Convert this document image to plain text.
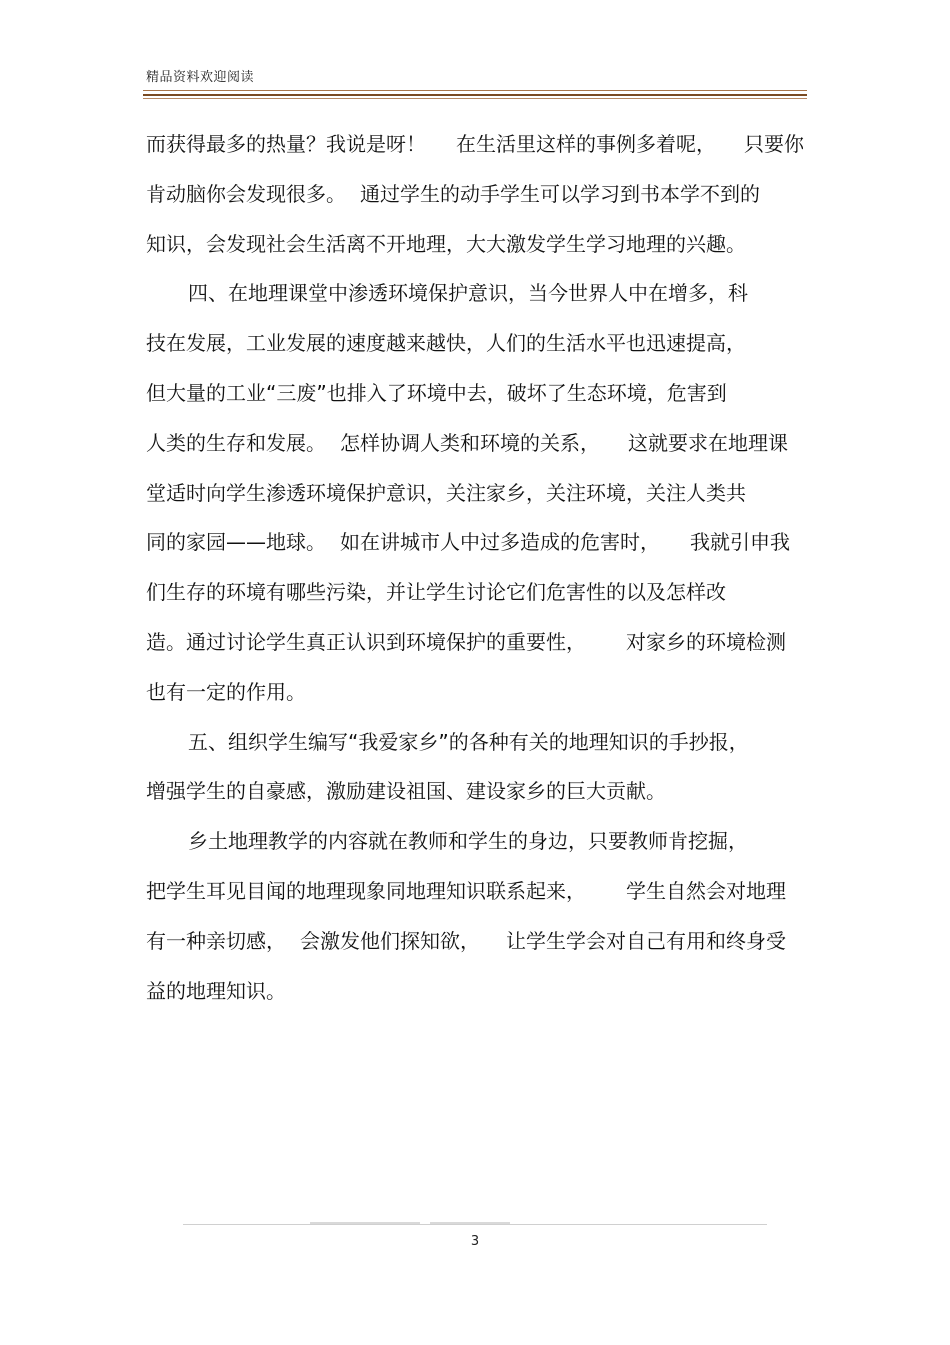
精品资料欢迎阅读
而获得最多的热量？我说是呀！ 在生活里这样的事例多着呢， 只要你
肯动脑你会发现很多。 通过学生的动手学生可以学习到书本学不到的
知识，会发现社会生活离不开地理，大大激发学生学习地理的兴趣。
四、在地理课堂中渗透环境保护意识，当今世界人中在增多，科
技在发展，工业发展的速度越来越快，人们的生活水平也迅速提高，
但大量的工业“三废”也排入了环境中去，破坏了生态环境，危害到
人类的生存和发展。 怎样协调人类和环境的关系， 这就要求在地理课
堂适时向学生渗透环境保护意识，关注家乡，关注环境，关注人类共
同的家园——地球。 如在讲城市人中过多造成的危害时， 我就引申我
们生存的环境有哪些污染，并让学生讨论它们危害性的以及怎样改
造。通过讨论学生真正认识到环境保护的重要性， 对家乡的环境检测
也有一定的作用。
五、组织学生编写“我爱家乡”的各种有关的地理知识的手抄报，
增强学生的自豪感，激励建设祖国、建设家乡的巨大贡献。
乡土地理教学的内容就在教师和学生的身边，只要教师肯挖掘，
把学生耳见目闻的地理现象同地理知识联系起来， 学生自然会对地理
有一种亲切感， 会激发他们探知欲， 让学生学会对自己有用和终身受
益的地理知识。
3
